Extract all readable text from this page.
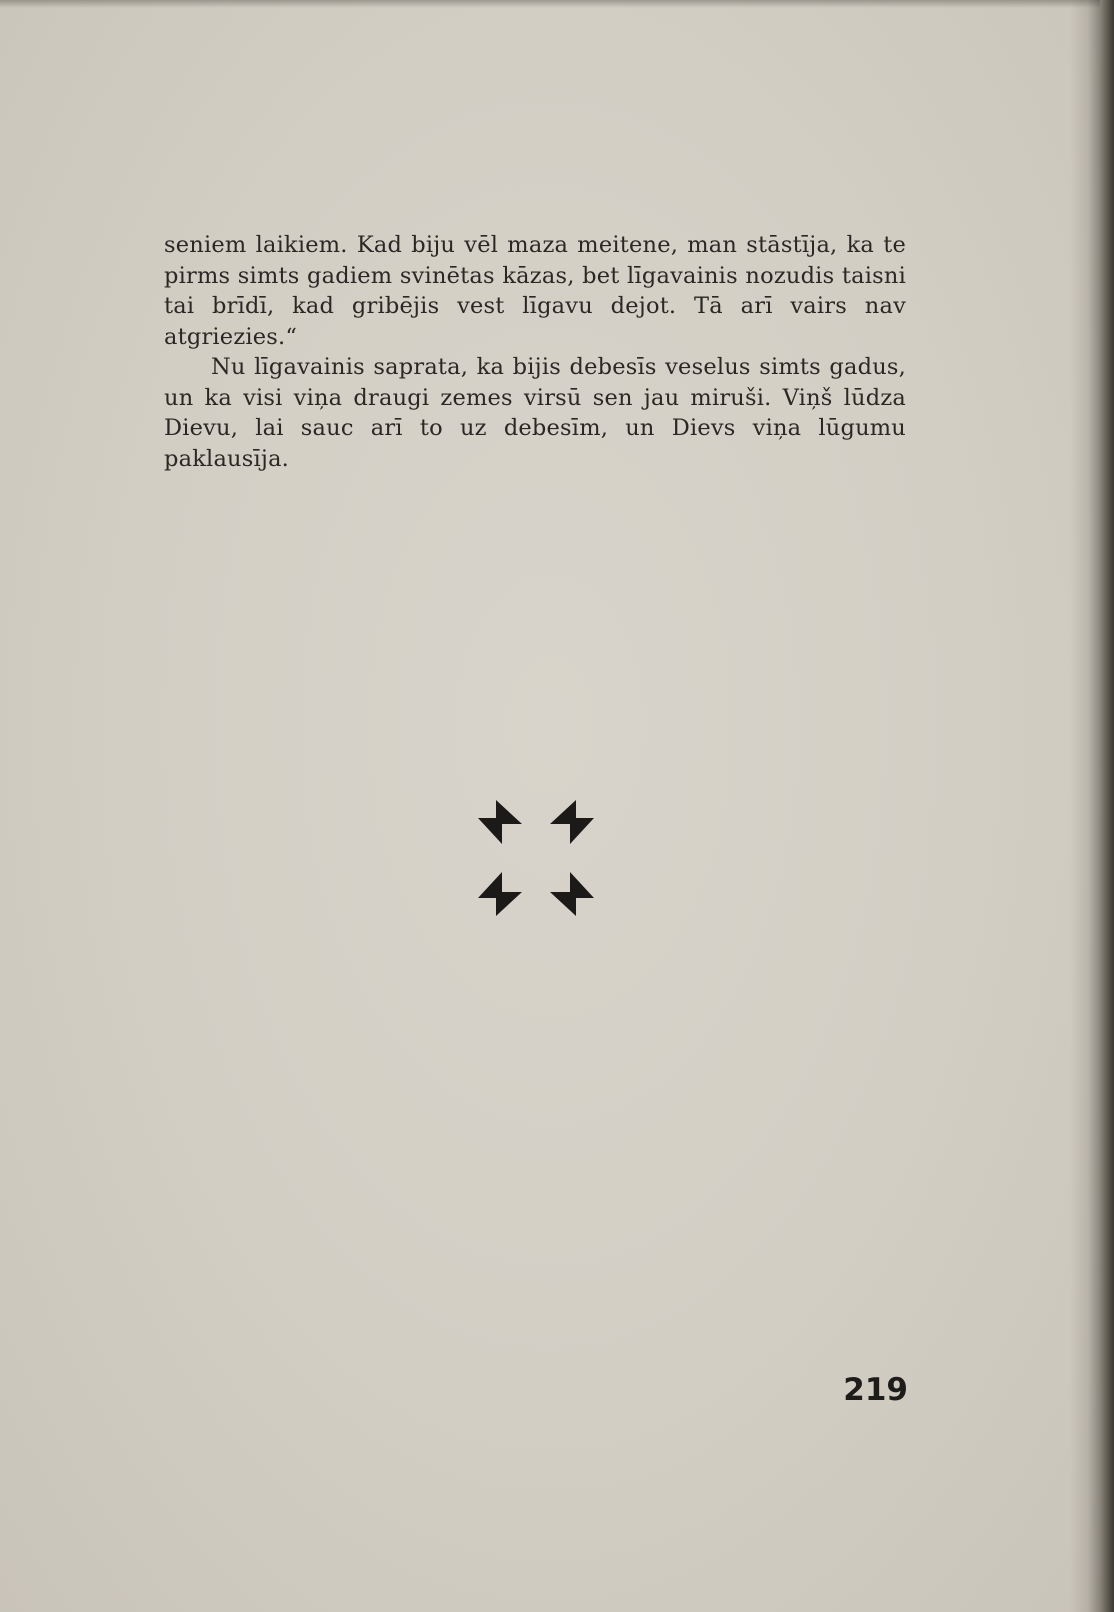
seniem laikiem. Kad biju vēl maza meitene, man stāstīja, ka te pirms simts gadiem svinētas kāzas, bet līgavainis nozudis taisni tai brīdī, kad gribējis vest līgavu dejot. Tā arī vairs nav atgriezies.“

Nu līgavainis saprata, ka bijis debesīs veselus simts gadus, un ka visi viņa draugi zemes virsū sen jau miruši. Viņš lūdza Dievu, lai sauc arī to uz debesīm, un Dievs viņa lūgumu paklausīja.

219
